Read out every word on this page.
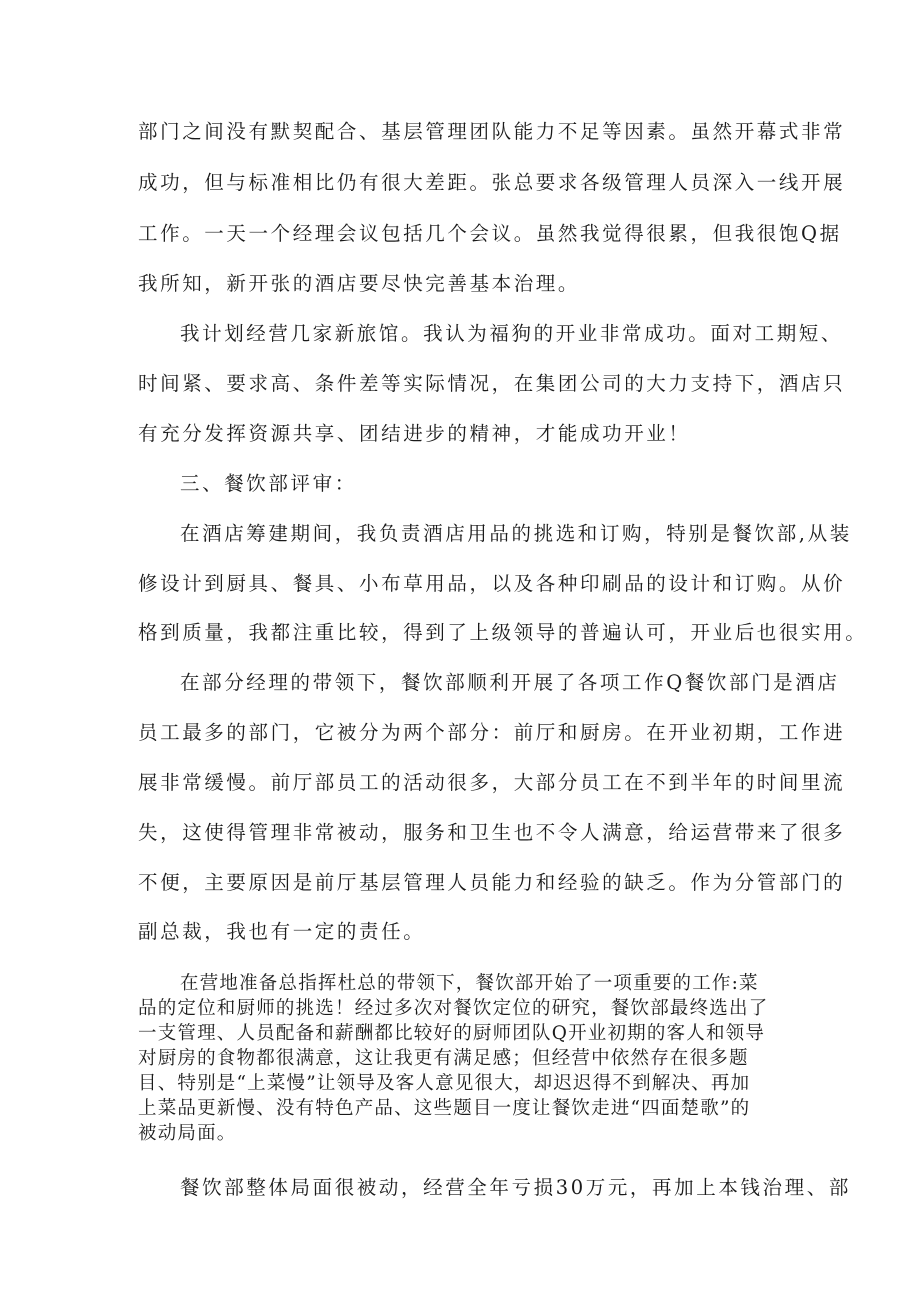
部门之间没有默契配合、基层管理团队能力不足等因素。虽然开幕式非常
成功，但与标准相比仍有很大差距。张总要求各级管理人员深入一线开展
工作。一天一个经理会议包括几个会议。虽然我觉得很累，但我很饱Q据
我所知，新开张的酒店要尽快完善基本治理。
我计划经营几家新旅馆。我认为福狗的开业非常成功。面对工期短、
时间紧、要求高、条件差等实际情况，在集团公司的大力支持下，酒店只
有充分发挥资源共享、团结进步的精神，才能成功开业！
三、餐饮部评审：
在酒店筹建期间，我负责酒店用品的挑选和订购，特别是餐饮部,从装
修设计到厨具、餐具、小布草用品，以及各种印刷品的设计和订购。从价
格到质量，我都注重比较，得到了上级领导的普遍认可，开业后也很实用。
在部分经理的带领下，餐饮部顺利开展了各项工作Q餐饮部门是酒店
员工最多的部门，它被分为两个部分：前厅和厨房。在开业初期，工作进
展非常缓慢。前厅部员工的活动很多，大部分员工在不到半年的时间里流
失，这使得管理非常被动，服务和卫生也不令人满意，给运营带来了很多
不便，主要原因是前厅基层管理人员能力和经验的缺乏。作为分管部门的
副总裁，我也有一定的责任。
在营地准备总指挥杜总的带领下，餐饮部开始了一项重要的工作:菜
品的定位和厨师的挑选！经过多次对餐饮定位的研究，餐饮部最终选出了
一支管理、人员配备和薪酬都比较好的厨师团队Q开业初期的客人和领导
对厨房的食物都很满意，这让我更有满足感；但经营中依然存在很多题
目、特别是“上菜慢”让领导及客人意见很大，却迟迟得不到解决、再加
上菜品更新慢、没有特色产品、这些题目一度让餐饮走进“四面楚歌”的
被动局面。
餐饮部整体局面很被动，经营全年亏损30万元，再加上本钱治理、部
